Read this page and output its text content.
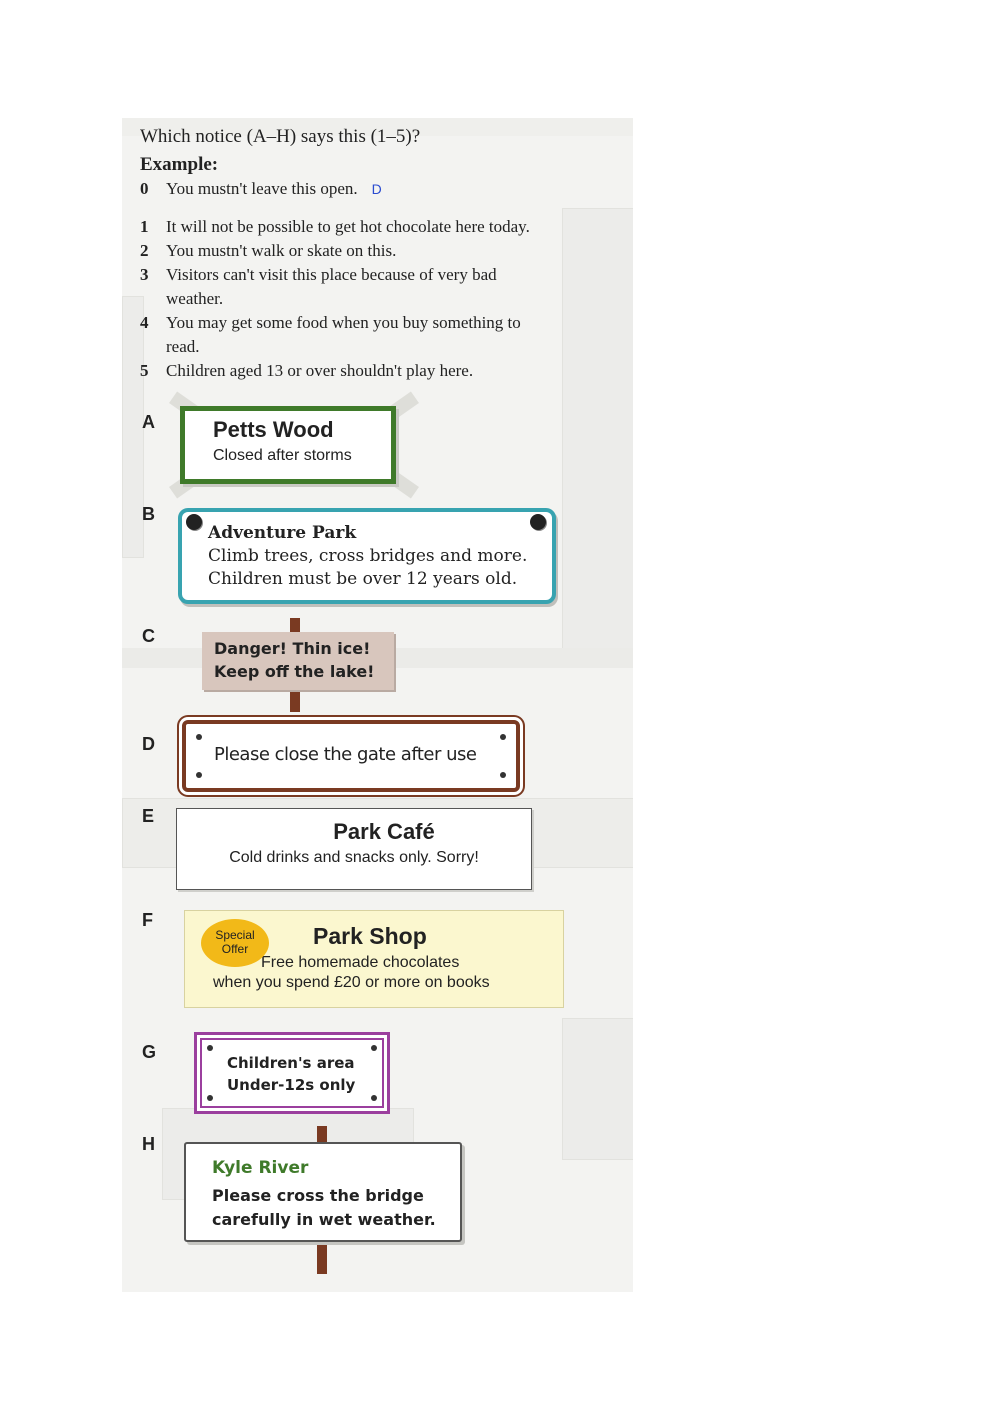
Which notice (A–H) says this (1–5)?
Example:
0 You mustn't leave this open. D
1 It will not be possible to get hot chocolate here today.
2 You mustn't walk or skate on this.
3 Visitors can't visit this place because of very bad
weather.
4 You may get some food when you buy something to
read.
5 Children aged 13 or over shouldn't play here.
A	Petts Wood
Closed after storms
B
Adventure Park
Climb trees, cross bridges and more.
Children must be over 12 years old.
C
Danger! Thin ice!
Keep off the lake!
D	Please close the gate after use
E
Park Café
Cold drinks and snacks only. Sorry!
F
Special
Offer	Park Shop
Free homemade chocolates
when you spend £20 or more on books
G
Children's area
Under-12s only
H
Kyle River
Please cross the bridge
carefully in wet weather.
